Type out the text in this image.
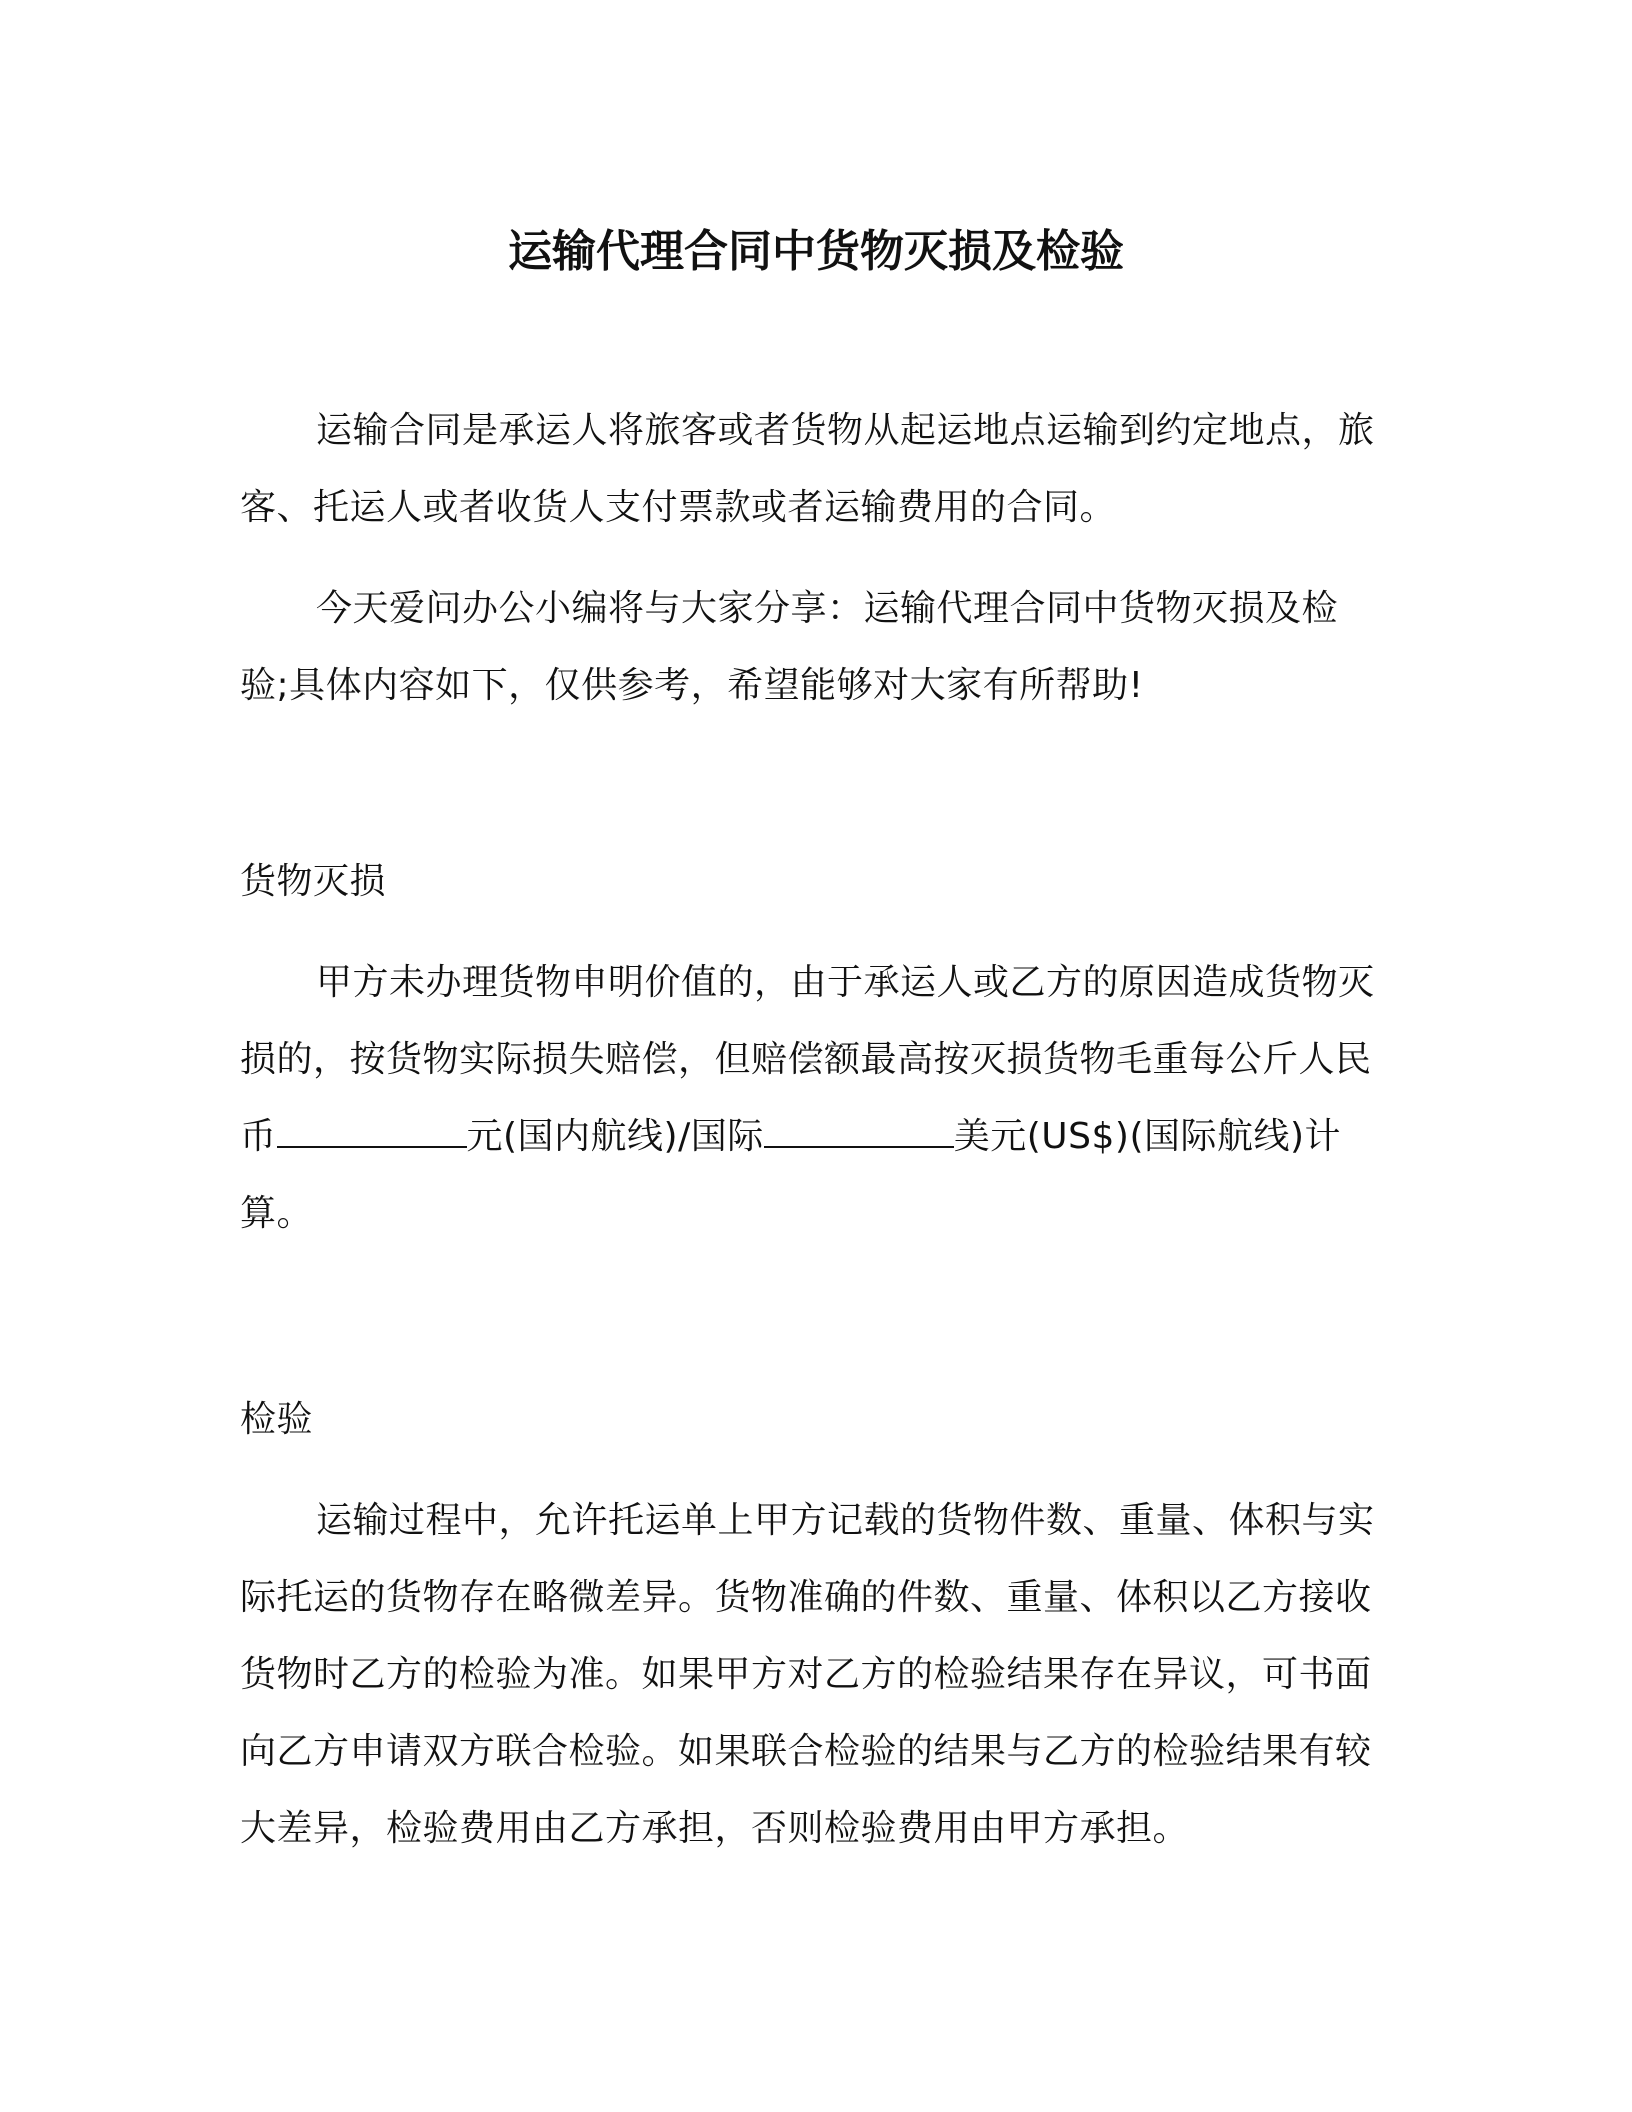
运输代理合同中货物灭损及检验

运输合同是承运人将旅客或者货物从起运地点运输到约定地点，旅客、托运人或者收货人支付票款或者运输费用的合同。

今天爱问办公小编将与大家分享：运输代理合同中货物灭损及检验;具体内容如下，仅供参考，希望能够对大家有所帮助!

货物灭损

甲方未办理货物申明价值的，由于承运人或乙方的原因造成货物灭损的，按货物实际损失赔偿，但赔偿额最高按灭损货物毛重每公斤人民币	元(国内航线)/国际	美元(US$)(国际航线)计算。

检验

运输过程中，允许托运单上甲方记载的货物件数、重量、体积与实际托运的货物存在略微差异。货物准确的件数、重量、体积以乙方接收货物时乙方的检验为准。如果甲方对乙方的检验结果存在异议，可书面向乙方申请双方联合检验。如果联合检验的结果与乙方的检验结果有较大差异，检验费用由乙方承担，否则检验费用由甲方承担。
